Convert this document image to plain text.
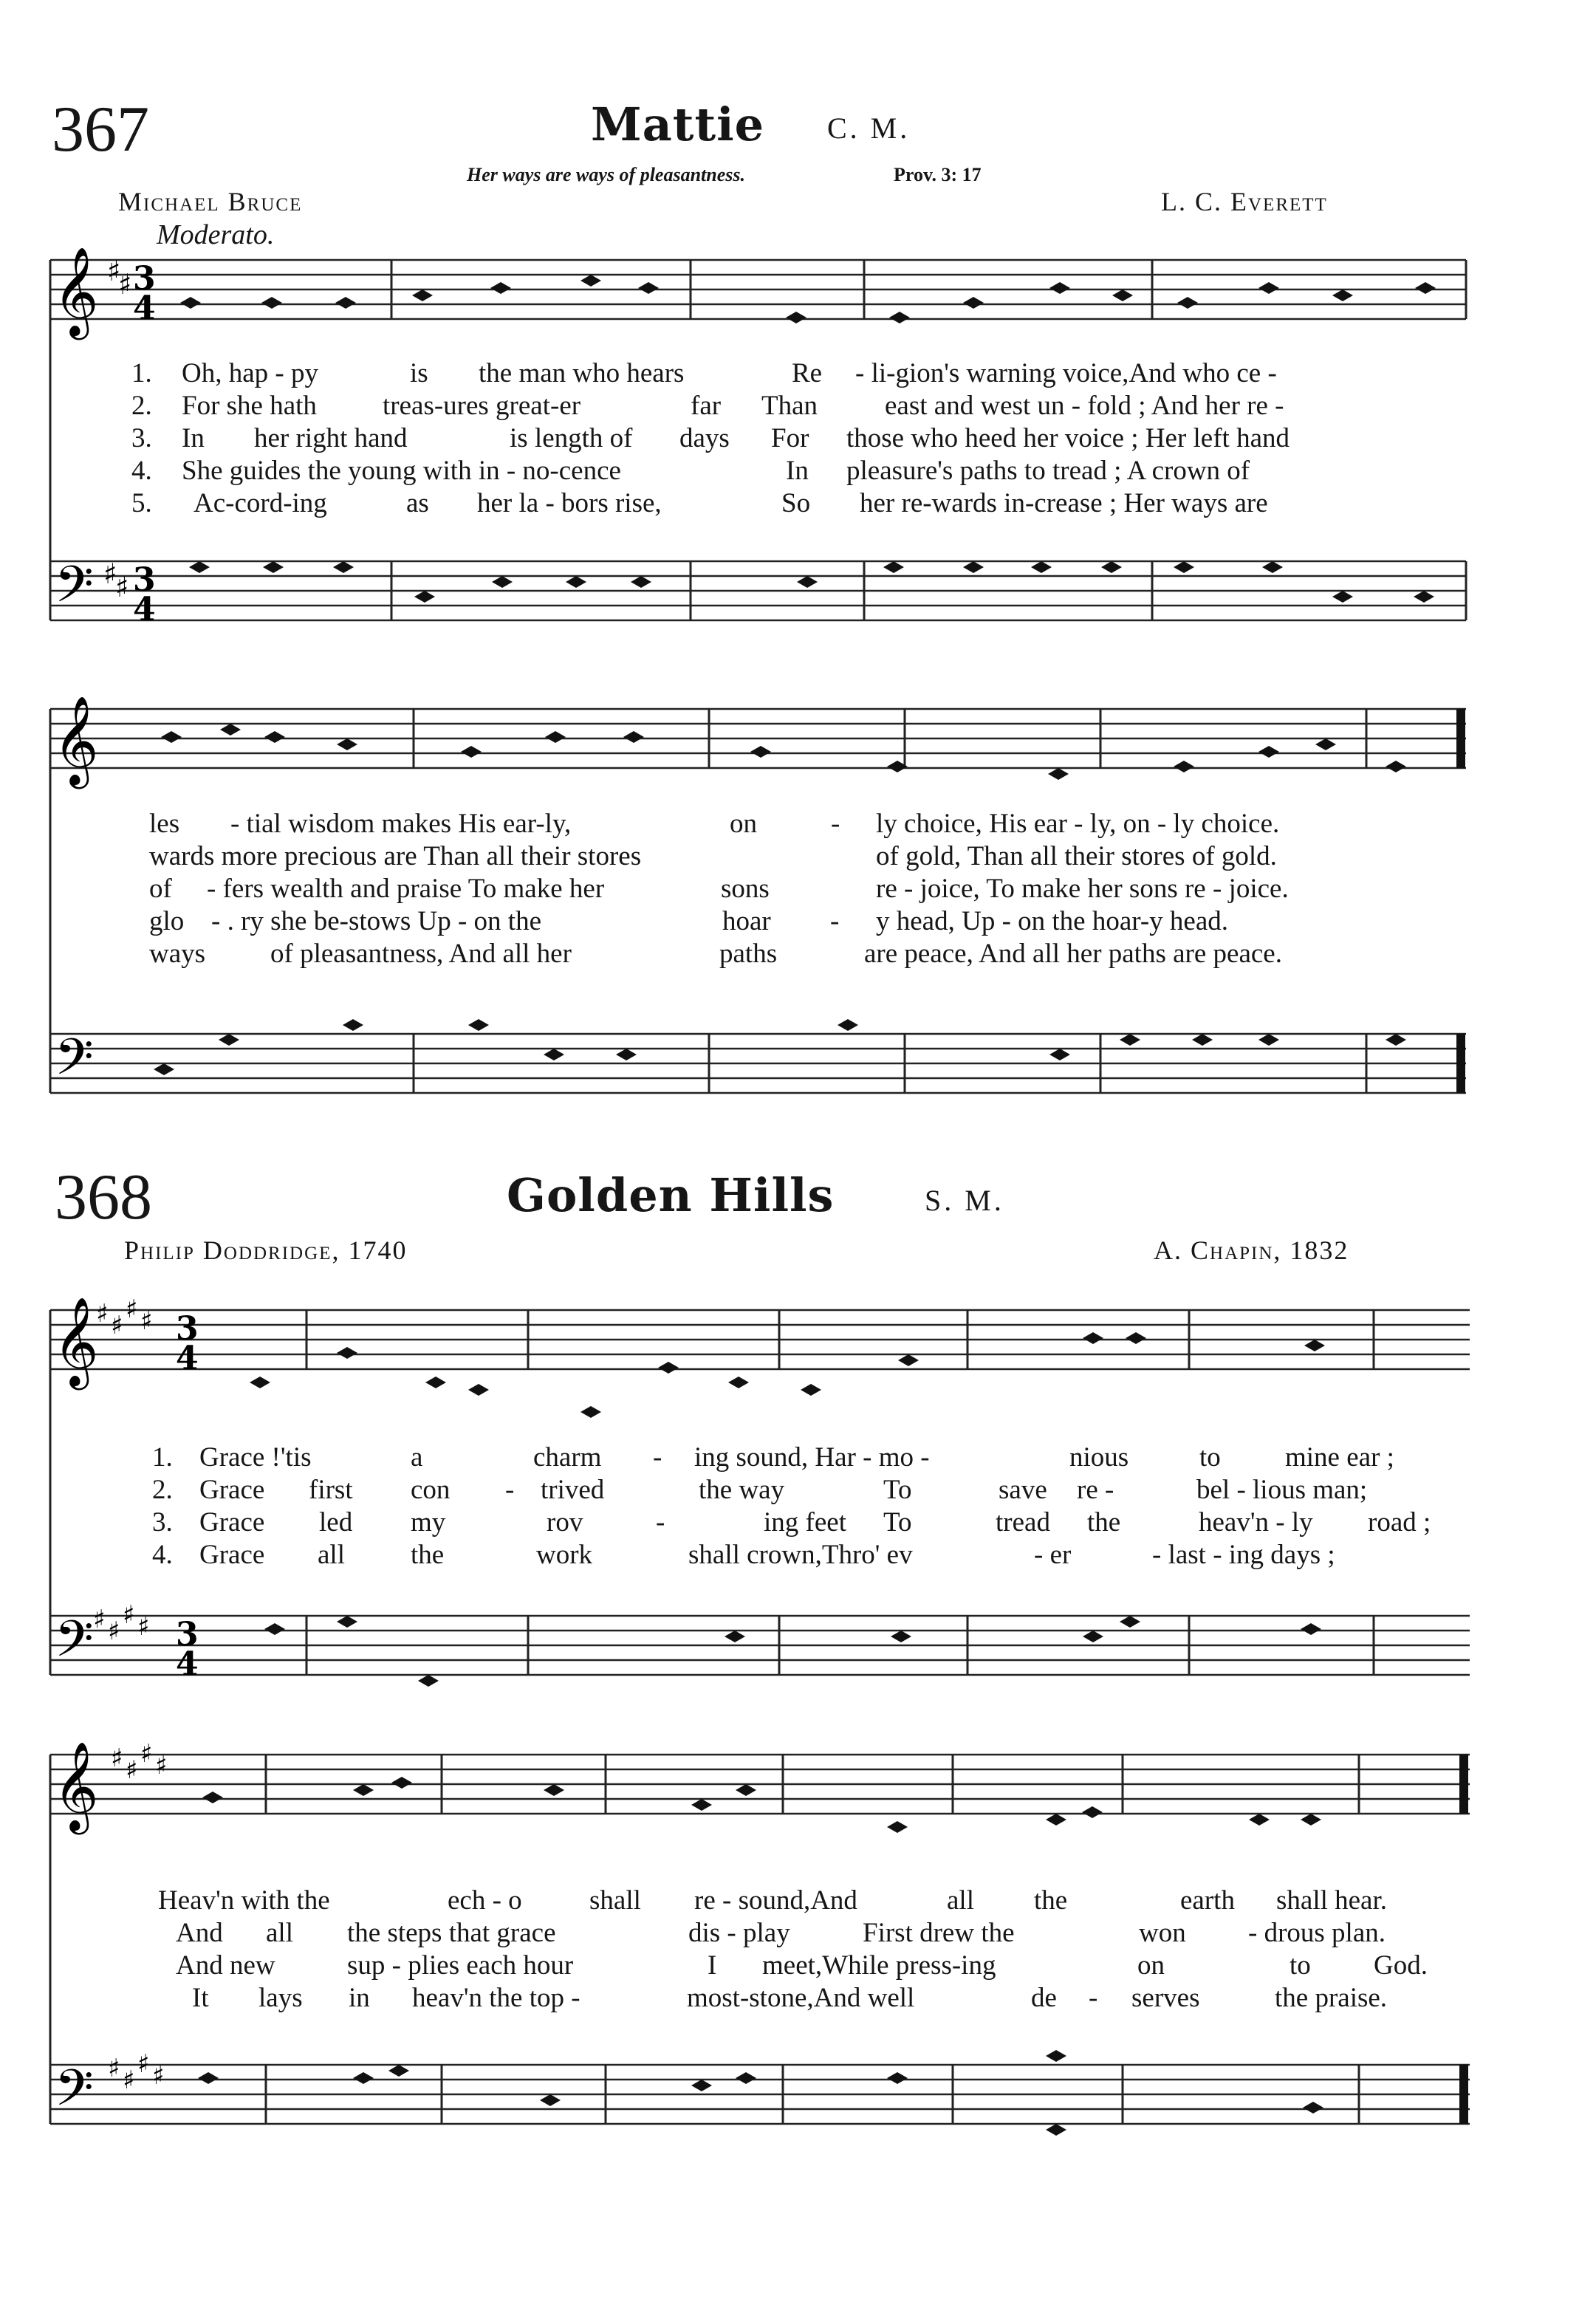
367	Mattie C. M.
Her ways are ways of pleasantness.	Prov. 3: 17
Michael Bruce	L. C. Everett
Moderato.
𝄞
𝄢
3
4
3
4
♯
♯
♯
♯
𝄞
𝄢
1. Oh, hap - py	is the man who hears	Re - li-gion's warning voice,And who ce -
2. For she hath treas-ures great-er	far Than east and west un - fold ; And her re -
3. In her right hand	is length of days For those who heed her voice ; Her left hand
4. She guides the young with in - no-cence	In pleasure's paths to tread ; A crown of
5. Ac-cord-ing	as her la - bors rise,	So her re-wards in-crease ; Her ways are
les - tial wisdom makes His ear-ly,	on	- ly choice, His ear - ly, on - ly choice.
wards more precious are Than all their stores	of gold, Than all their stores of gold.
of - fers wealth and praise To make her	sons	re - joice, To make her sons re - joice.
glo - . ry she be-stows Up - on the	hoar - y head, Up - on the hoar-y head.
ways of pleasantness, And all her	paths	are peace, And all her paths are peace.
368	Golden Hills	S. M.
Philip Doddridge, 1740	A. Chapin, 1832
𝄞
𝄢
♯ ♯
♯ ♯ 3
4
♯ ♯
♯ ♯ 3
4
𝄞
𝄢
♯ ♯
♯ ♯
♯ ♯
♯ ♯
1. Grace !'tis	a	charm - ing sound, Har - mo -	nious	to mine ear ;
2. Grace first con - trived	the way	To	save re -	bel - lious man;
3. Grace led my	rov	-	ing feet To	tread the	heav'n - ly road ;
4. Grace all the	work	shall crown,Thro' ev	- er	- last - ing days ;
Heav'n with the	ech - o shall re - sound,And	all the	earth shall hear.
And all the steps that grace	dis - play	First drew the	won - drous plan.
And new	sup - plies each hour	I meet,While press-ing	on	to God.
It lays in heav'n the top -	most-stone,And well	de - serves	the praise.
